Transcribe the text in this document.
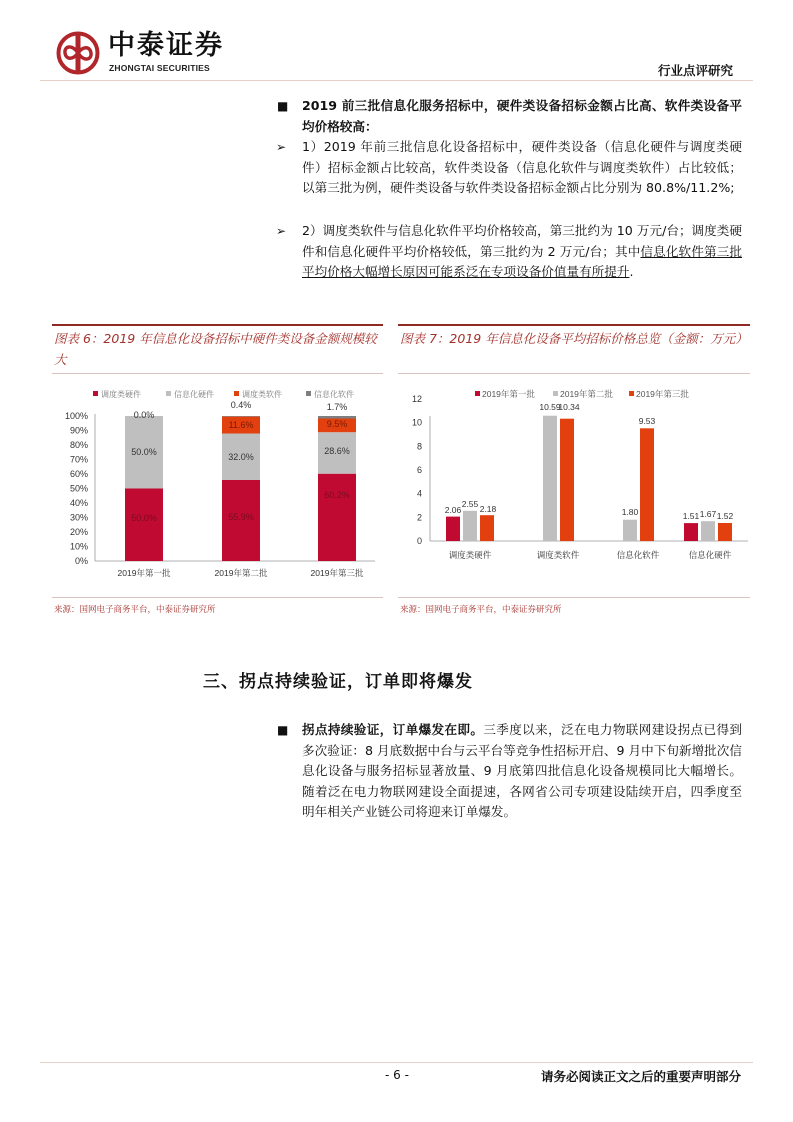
中泰证券
ZHONGTAI SECURITIES	行业点评研究
■ 2019 前三批信息化服务招标中，硬件类设备招标金额占比高、软件类设备平均价格较高：
➢ 1）2019 年前三批信息化设备招标中，硬件类设备（信息化硬件与调度类硬件）招标金额占比较高，软件类设备（信息化软件与调度类软件）占比较低；以第三批为例，硬件类设备与软件类设备招标金额占比分别为 80.8%/11.2%;
➢ 2）调度类软件与信息化软件平均价格较高，第三批约为 10 万元/台；调度类硬件和信息化硬件平均价格较低，第三批约为 2 万元/台；其中信息化软件第三批平均价格大幅增长原因可能系泛在专项设备价值量有所提升.
图表 6：2019 年信息化设备招标中硬件类设备金额规模较大
调度类硬件	信息化硬件	调度类软件	信息化软件
0%
10%
20%
30%
40%
50%
60%
70%
80%
90%
100%
50.0%
50.0%
0.0%
55.9%
32.0%
11.6%
0.4%
60.2%
28.6%
9.5%
1.7%
2019年第一批	2019年第二批	2019年第三批
来源：国网电子商务平台，中泰证券研究所
图表 7：2019 年信息化设备平均招标价格总览（金额：万元）
2019年第一批	2019年第二批	2019年第三批
0
2
4
6
8
10
12
2.06
2.55 2.18
10.59
10.34
1.80
9.53
1.51 1.67 1.52
调度类硬件	调度类软件	信息化软件	信息化硬件
来源：国网电子商务平台，中泰证券研究所
三、拐点持续验证，订单即将爆发
■ 拐点持续验证，订单爆发在即。三季度以来，泛在电力物联网建设拐点已得到多次验证：8 月底数据中台与云平台等竞争性招标开启、9 月中下旬新增批次信息化设备与服务招标显著放量、9 月底第四批信息化设备规模同比大幅增长。随着泛在电力物联网建设全面提速，各网省公司专项建设陆续开启，四季度至明年相关产业链公司将迎来订单爆发。
- 6 -	请务必阅读正文之后的重要声明部分
